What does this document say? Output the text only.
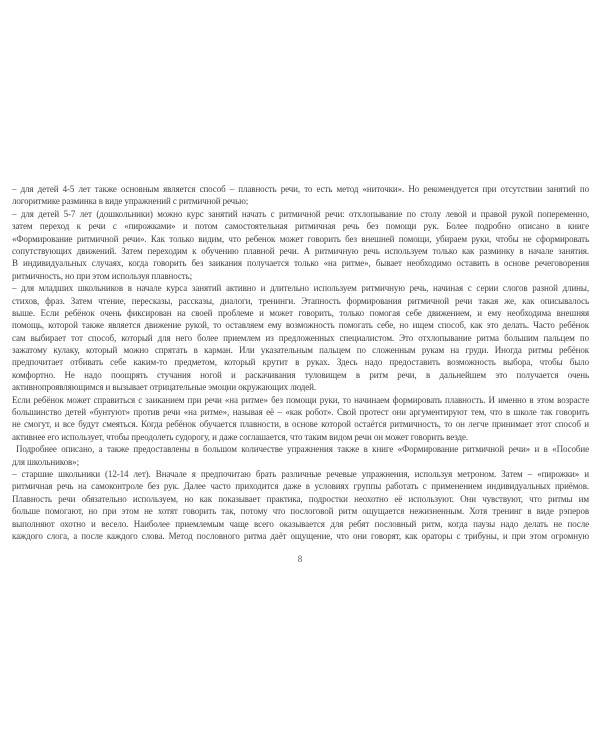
– для детей 4-5 лет также основным является способ – плавность речи, то есть метод «ниточки». Но рекомендуется при отсутствии занятий по
логоритмике разминка в виде упражнений с ритмичной речью;
– для детей 5-7 лет (дошкольники) можно курс занятий начать с ритмичной речи: отхлопывание по столу левой и правой рукой попеременно,
затем переход к речи с «пирожками» и потом самостоятельная ритмичная речь без помощи рук. Более подробно описано в книге
«Формирование ритмичной речи». Как только видим, что ребенок может говорить без внешней помощи, убираем руки, чтобы не сформировать
сопутствующих движений. Затем переходим к обучению плавной речи. А ритмичную речь используем только как разминку в начале занятия.
В индивидуальных случаях, когда говорить без заикания получается только «на ритме», бывает необходимо оставить в основе речеговорения
ритмичность, но при этом используя плавность;
– для младших школьников в начале курса занятий активно и длительно используем ритмичную речь, начиная с серии слогов разной длины,
стихов, фраз. Затем чтение, пересказы, рассказы, диалоги, тренинги. Этапность формирования ритмичной речи такая же, как описывалось
выше. Если ребёнок очень фиксирован на своей проблеме и может говорить, только помогая себе движением, и ему необходима внешняя
помощь, которой также является движение рукой, то оставляем ему возможность помогать себе, но ищем способ, как это делать. Часто ребёнок
сам выбирает тот способ, который для него более приемлем из предложенных специалистом. Это отхлопывание ритма большим пальцем по
зажатому кулаку, который можно спрятать в карман. Или указательным пальцем по сложенным рукам на груди. Иногда ритмы ребёнок
предпочитает отбивать себе каким-то предметом, который крутит в руках. Здесь надо предоставить возможность выбора, чтобы было
комфортно. Не надо поощрять стучания ногой и раскачивания туловищем в ритм речи, в дальнейшем это получается очень
активнопроявляющимся и вызывает отрицательные эмоции окружающих людей.
Если ребёнок может справиться с заиканием при речи «на ритме» без помощи руки, то начинаем формировать плавность. И именно в этом возрасте
большинство детей «бунтуют» против речи «на ритме», называя её – «как робот». Свой протест они аргументируют тем, что в школе так говорить
не смогут, и все будут смеяться. Когда ребёнок обучается плавности, в основе которой остаётся ритмичность, то он легче принимает этот способ и
активнее его использует, чтобы преодолеть судорогу, и даже соглашается, что таким видом речи он может говорить везде.
Подробнее описано, а также предоставлены в большом количестве упражнения также в книге «Формирование ритмичной речи» и в «Пособие
для школьников»;
– старшие школьники (12-14 лет). Вначале я предпочитаю брать различные речевые упражнения, используя метроном. Затем – «пирожки» и
ритмичная речь на самоконтроле без рук. Далее часто приходится даже в условиях группы работать с применением индивидуальных приёмов.
Плавность речи обязательно используем, но как показывает практика, подростки неохотно её используют. Они чувствуют, что ритмы им
больше помогают, но при этом не хотят говорить так, потому что послоговой ритм ощущается нежизненным. Хотя тренинг в виде рэперов
выполняют охотно и весело. Наиболее приемлемым чаще всего оказывается для ребят пословный ритм, когда паузы надо делать не после
каждого слога, а после каждого слова. Метод пословного ритма даёт ощущение, что они говорят, как ораторы с трибуны, и при этом огромную
8
